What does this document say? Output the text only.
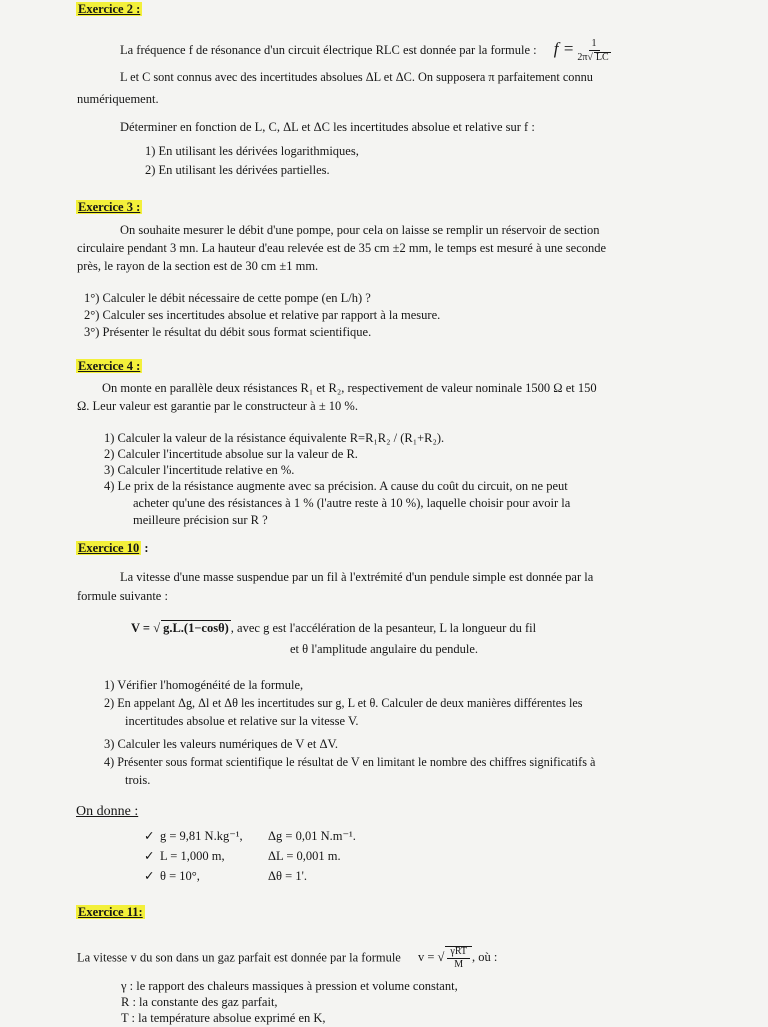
Exercice 2 :
La fréquence f de résonance d'un circuit électrique RLC est donnée par la formule : $f = \frac{1}{2\pi√ LC}$
L et C sont connus avec des incertitudes absolues ΔL et ΔC. On supposera π parfaitement connu
numériquement.
Déterminer en fonction de L, C, ΔL et ΔC les incertitudes absolue et relative sur f :
1) En utilisant les dérivées logarithmiques,
2) En utilisant les dérivées partielles.
Exercice 3 :
On souhaite mesurer le débit d'une pompe, pour cela on laisse se remplir un réservoir de section
circulaire pendant 3 mn. La hauteur d'eau relevée est de 35 cm ±2 mm, le temps est mesuré à une seconde
près, le rayon de la section est de 30 cm ±1 mm.
1°) Calculer le débit nécessaire de cette pompe (en L/h) ?
2°) Calculer ses incertitudes absolue et relative par rapport à la mesure.
3°) Présenter le résultat du débit sous format scientifique.
Exercice 4 :
On monte en parallèle deux résistances R₁ et R₂, respectivement de valeur nominale 1500 Ω et 150
Ω. Leur valeur est garantie par le constructeur à ± 10 %.
1) Calculer la valeur de la résistance équivalente R=R₁R₂ / (R₁+R₂).
2) Calculer l'incertitude absolue sur la valeur de R.
3) Calculer l'incertitude relative en %.
4) Le prix de la résistance augmente avec sa précision. A cause du coût du circuit, on ne peut
acheter qu'une des résistances à 1 % (l'autre reste à 10 %), laquelle choisir pour avoir la
meilleure précision sur R ?
Exercice 10 :
La vitesse d'une masse suspendue par un fil à l'extrémité d'un pendule simple est donnée par la
formule suivante :
V = √ g.L.(1−cosθ) , avec g est l'accélération de la pesanteur, L la longueur du fil
et θ l'amplitude angulaire du pendule.
1) Vérifier l'homogénéité de la formule,
2) En appelant Δg, Δl et Δθ les incertitudes sur g, L et θ. Calculer de deux manières différentes les
incertitudes absolue et relative sur la vitesse V.
3) Calculer les valeurs numériques de V et ΔV.
4) Présenter sous format scientifique le résultat de V en limitant le nombre des chiffres significatifs à
trois.
On donne :
✓ g = 9,81 N.kg⁻¹, Δg = 0,01 N.m⁻¹.
✓ L = 1,000 m,	ΔL = 0,001 m.
✓ θ = 10°,	Δθ = 1'.
Exercice 11:
La vitesse v du son dans un gaz parfait est donnée par la formule v = √ $\frac{\text{γRT}}{M}$ , où :
γ : le rapport des chaleurs massiques à pression et volume constant,
R : la constante des gaz parfait,
T : la température absolue exprimé en K,
